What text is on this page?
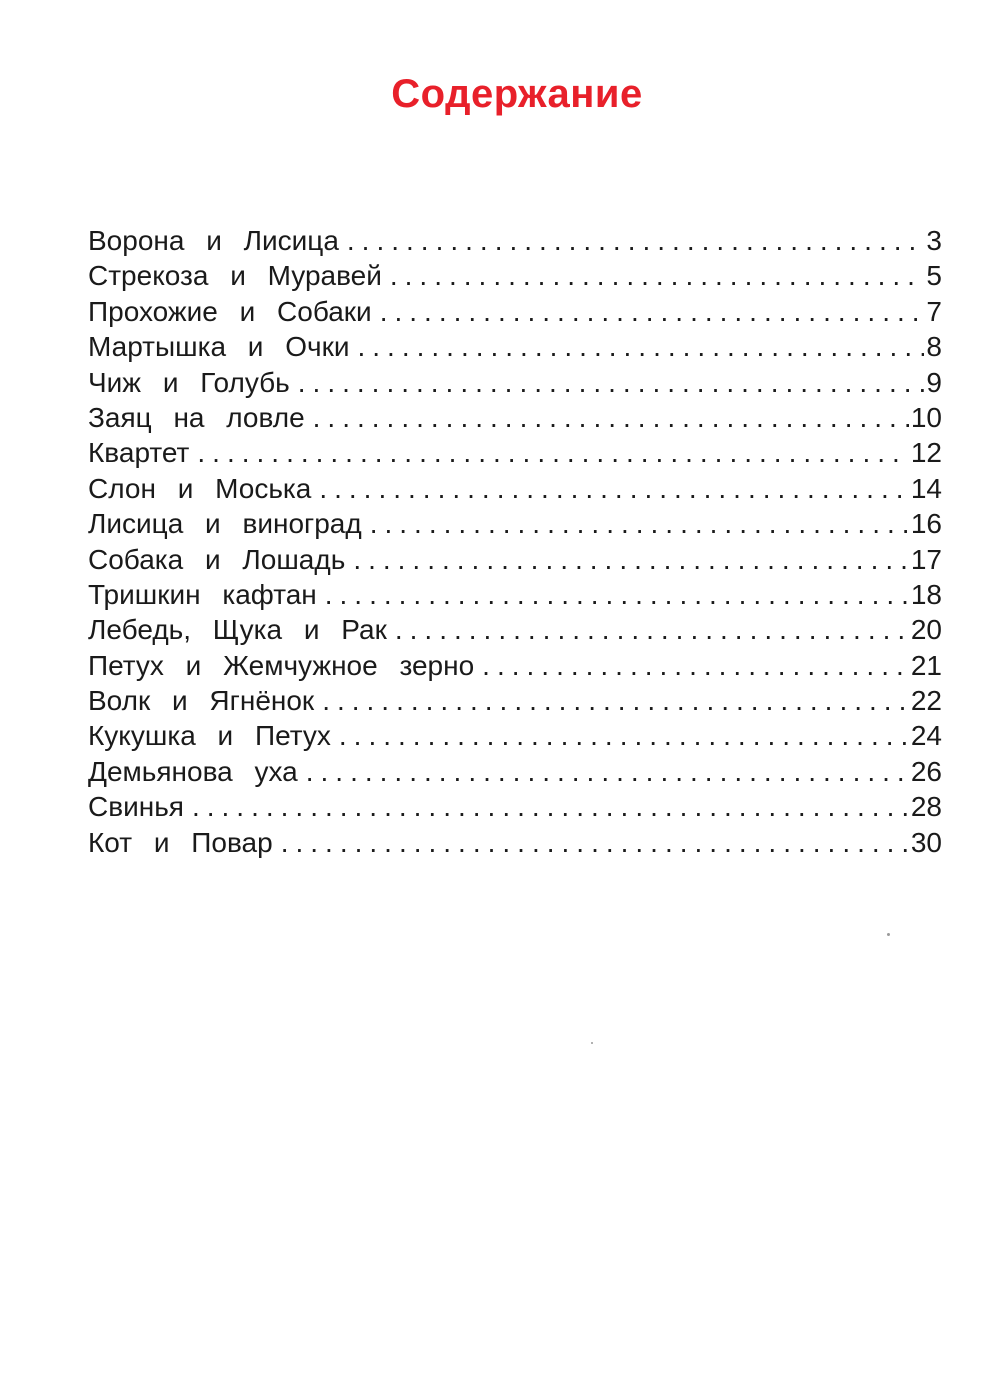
Содержание
Ворона и Лисица .....	3
Стрекоза и Муравей .....	5
Прохожие и Собаки .....	7
Мартышка и Очки .....	8
Чиж и Голубь .....	9
Заяц на ловле .....	10
Квартет .....	12
Слон и Моська .....	14
Лисица и виноград .....	16
Собака и Лошадь .....	17
Тришкин кафтан .....	18
Лебедь, Щука и Рак .....	20
Петух и Жемчужное зерно .....	21
Волк и Ягнёнок .....	22
Кукушка и Петух .....	24
Демьянова уха .....	26
Свинья .....	28
Кот и Повар .....	30
